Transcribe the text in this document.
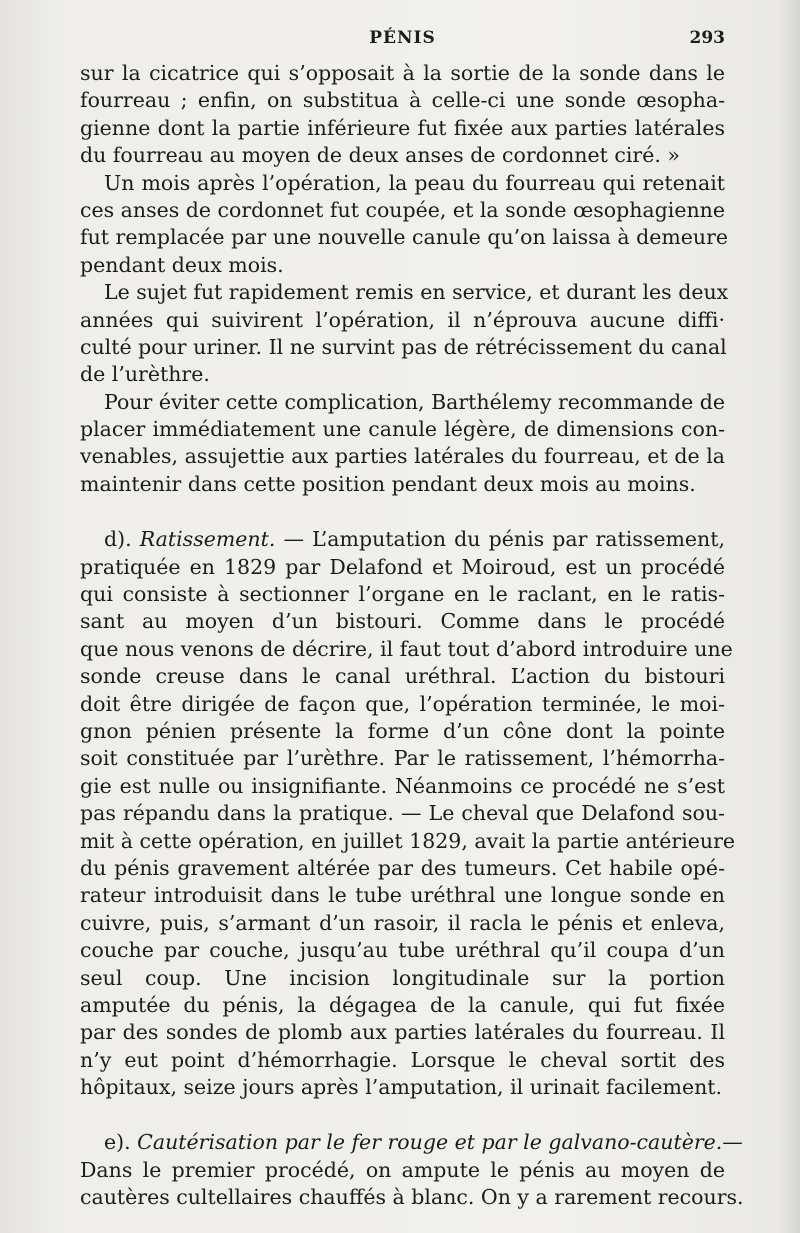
PÉNIS	293

sur la cicatrice qui s’opposait à la sortie de la sonde dans le
fourreau ; enfin, on substitua à celle-ci une sonde œsopha-
gienne dont la partie inférieure fut fixée aux parties latérales
du fourreau au moyen de deux anses de cordonnet ciré. »

Un mois après l’opération, la peau du fourreau qui retenait
ces anses de cordonnet fut coupée, et la sonde œsophagienne
fut remplacée par une nouvelle canule qu’on laissa à demeure
pendant deux mois.

Le sujet fut rapidement remis en service, et durant les deux
années qui suivirent l’opération, il n’éprouva aucune diffi·
culté pour uriner. Il ne survint pas de rétrécissement du canal
de l’urèthre.

Pour éviter cette complication, Barthélemy recommande de
placer immédiatement une canule légère, de dimensions con-
venables, assujettie aux parties latérales du fourreau, et de la
maintenir dans cette position pendant deux mois au moins.

d). Ratissement. — L’amputation du pénis par ratissement,
pratiquée en 1829 par Delafond et Moiroud, est un procédé
qui consiste à sectionner l’organe en le raclant, en le ratis-
sant au moyen d’un bistouri. Comme dans le procédé
que nous venons de décrire, il faut tout d’abord introduire une
sonde creuse dans le canal uréthral. L’action du bistouri
doit être dirigée de façon que, l’opération terminée, le moi-
gnon pénien présente la forme d’un cône dont la pointe
soit constituée par l’urèthre. Par le ratissement, l’hémorrha-
gie est nulle ou insignifiante. Néanmoins ce procédé ne s’est
pas répandu dans la pratique. — Le cheval que Delafond sou-
mit à cette opération, en juillet 1829, avait la partie antérieure
du pénis gravement altérée par des tumeurs. Cet habile opé-
rateur introduisit dans le tube uréthral une longue sonde en
cuivre, puis, s’armant d’un rasoir, il racla le pénis et enleva,
couche par couche, jusqu’au tube uréthral qu’il coupa d’un
seul coup. Une incision longitudinale sur la portion
amputée du pénis, la dégagea de la canule, qui fut fixée
par des sondes de plomb aux parties latérales du fourreau. Il
n’y eut point d’hémorrhagie. Lorsque le cheval sortit des
hôpitaux, seize jours après l’amputation, il urinait facilement.

e). Cautérisation par le fer rouge et par le galvano-cautère.—
Dans le premier procédé, on ampute le pénis au moyen de
cautères cultellaires chauffés à blanc. On y a rarement recours.
